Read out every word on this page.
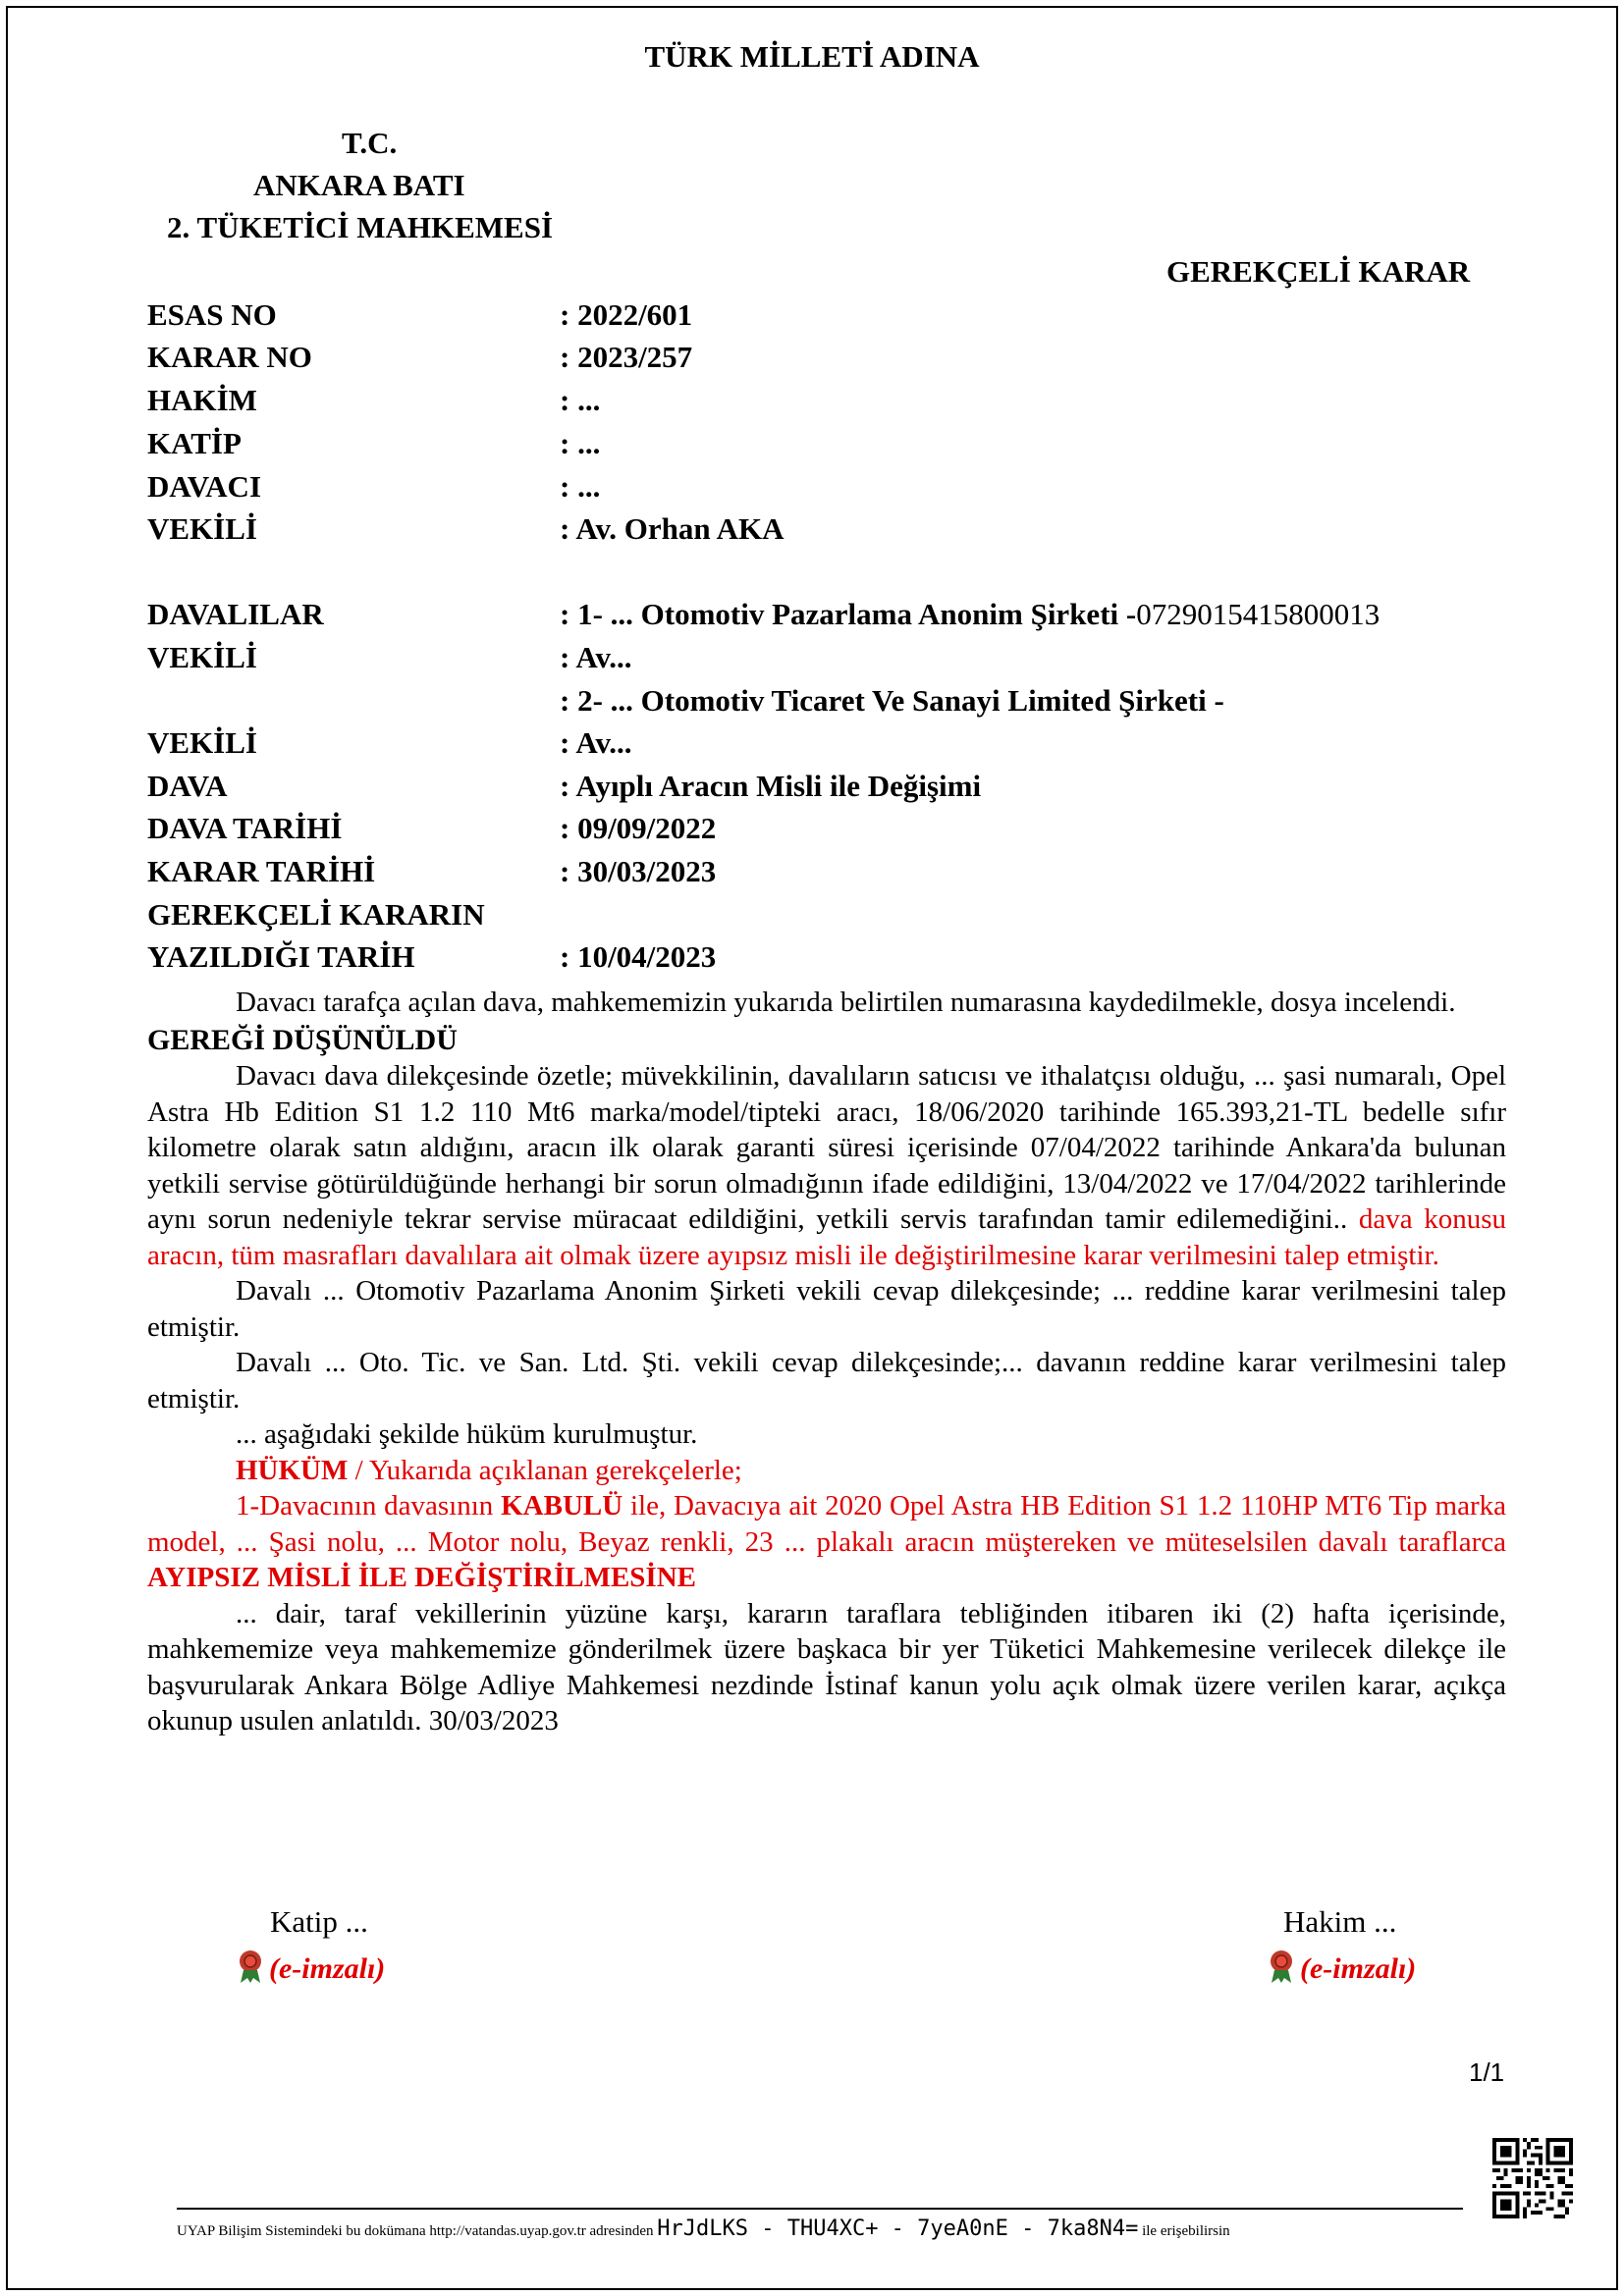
TÜRK MİLLETİ ADINA
T.C.
ANKARA BATI
2. TÜKETİCİ MAHKEMESİ
GEREKÇELİ KARAR
ESAS NO	: 2022/601
KARAR NO	: 2023/257
HAKİM	: ...
KATİP	: ...
DAVACI	: ...
VEKİLİ	: Av. Orhan AKA
DAVALILAR	: 1- ... Otomotiv Pazarlama Anonim Şirketi -0729015415800013
VEKİLİ	: Av...
: 2- ... Otomotiv Ticaret Ve Sanayi Limited Şirketi -
VEKİLİ	: Av...
DAVA	: Ayıplı Aracın Misli ile Değişimi
DAVA TARİHİ	: 09/09/2022
KARAR TARİHİ	: 30/03/2023
GEREKÇELİ KARARIN
YAZILDIĞI TARİH	: 10/04/2023

Davacı tarafça açılan dava, mahkememizin yukarıda belirtilen numarasına kaydedilmekle, dosya incelendi.

GEREĞİ DÜŞÜNÜLDÜ

Davacı dava dilekçesinde özetle; müvekkilinin, davalıların satıcısı ve ithalatçısı olduğu, ... şasi numaralı, Opel Astra Hb Edition S1 1.2 110 Mt6 marka/model/tipteki aracı, 18/06/2020 tarihinde 165.393,21-TL bedelle sıfır kilometre olarak satın aldığını, aracın ilk olarak garanti süresi içerisinde 07/04/2022 tarihinde Ankara'da bulunan yetkili servise götürüldüğünde herhangi bir sorun olmadığının ifade edildiğini, 13/04/2022 ve 17/04/2022 tarihlerinde aynı sorun nedeniyle tekrar servise müracaat edildiğini, yetkili servis tarafından tamir edilemediğini.. dava konusu aracın, tüm masrafları davalılara ait olmak üzere ayıpsız misli ile değiştirilmesine karar verilmesini talep etmiştir.

Davalı ... Otomotiv Pazarlama Anonim Şirketi vekili cevap dilekçesinde; ... reddine karar verilmesini talep etmiştir.

Davalı ... Oto. Tic. ve San. Ltd. Şti. vekili cevap dilekçesinde;... davanın reddine karar verilmesini talep etmiştir.

... aşağıdaki şekilde hüküm kurulmuştur.

HÜKÜM / Yukarıda açıklanan gerekçelerle;

1-Davacının davasının KABULÜ ile, Davacıya ait 2020 Opel Astra HB Edition S1 1.2 110HP MT6 Tip marka model, ... Şasi nolu, ... Motor nolu, Beyaz renkli, 23 ... plakalı aracın müştereken ve müteselsilen davalı taraflarca AYIPSIZ MİSLİ İLE DEĞİŞTİRİLMESİNE

... dair, taraf vekillerinin yüzüne karşı, kararın taraflara tebliğinden itibaren iki (2) hafta içerisinde, mahkememize veya mahkememize gönderilmek üzere başkaca bir yer Tüketici Mahkemesine verilecek dilekçe ile başvurularak Ankara Bölge Adliye Mahkemesi nezdinde İstinaf kanun yolu açık olmak üzere verilen karar, açıkça okunup usulen anlatıldı. 30/03/2023

Katip ...
(e-imzalı)
Hakim ...
(e-imzalı)
1/1
UYAP Bilişim Sistemindeki bu dokümana http://vatandas.uyap.gov.tr adresinden HrJdLKS - THU4XC+ - 7yeA0nE - 7ka8N4= ile erişebilirsin
